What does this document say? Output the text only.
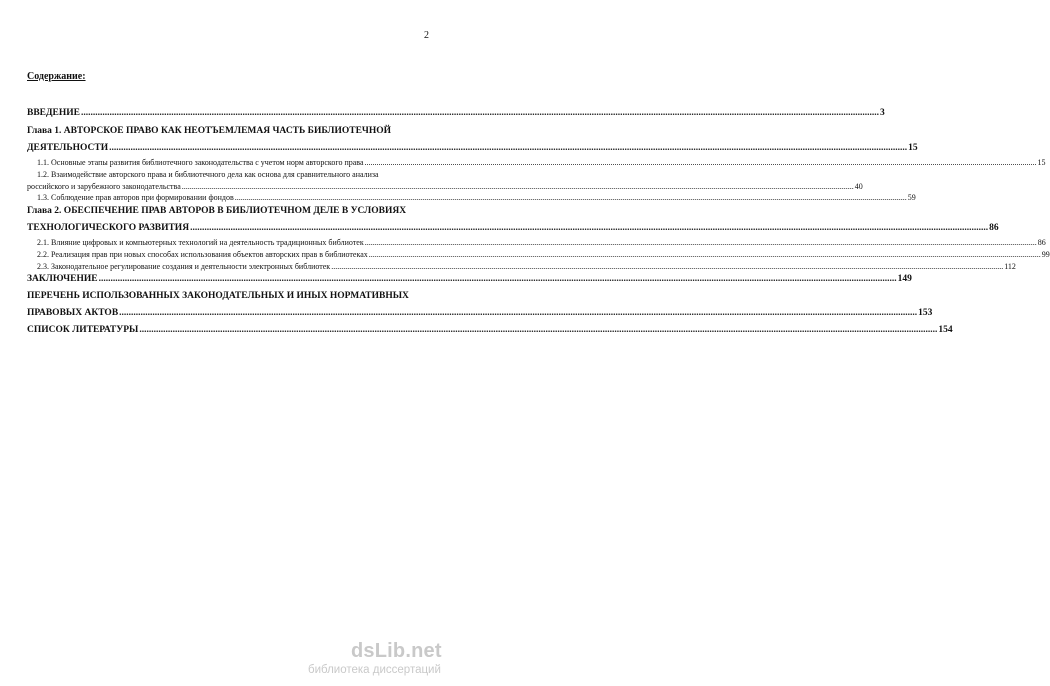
2
Содержание:
ВВЕДЕНИЕ .....	3
Глава 1. АВТОРСКОЕ ПРАВО КАК НЕОТЪЕМЛЕМАЯ ЧАСТЬ БИБЛИОТЕЧНОЙ
ДЕЯТЕЛЬНОСТИ .....	15
1.1. Основные этапы развития библиотечного законодательства с учетом норм авторского права .....	15
1.2. Взаимодействие авторского права и библиотечного дела как основа для сравнительного анализа
российского и зарубежного законодательства .....	40
1.3. Соблюдение прав авторов при формировании фондов .....	59
Глава 2. ОБЕСПЕЧЕНИЕ ПРАВ АВТОРОВ В БИБЛИОТЕЧНОМ ДЕЛЕ В УСЛОВИЯХ
ТЕХНОЛОГИЧЕСКОГО РАЗВИТИЯ .....	86
2.1. Влияние цифровых и компьютерных технологий на деятельность традиционных библиотек .....	86
2.2. Реализация прав при новых способах использования объектов авторских прав в библиотеках .....	99
2.3. Законодательное регулирование создания и деятельности электронных библиотек .....	112
ЗАКЛЮЧЕНИЕ .....	149
ПЕРЕЧЕНЬ ИСПОЛЬЗОВАННЫХ ЗАКОНОДАТЕЛЬНЫХ И ИНЫХ НОРМАТИВНЫХ
ПРАВОВЫХ АКТОВ .....	153
СПИСОК ЛИТЕРАТУРЫ .....	154
dsLib.net
библиотека диссертаций
